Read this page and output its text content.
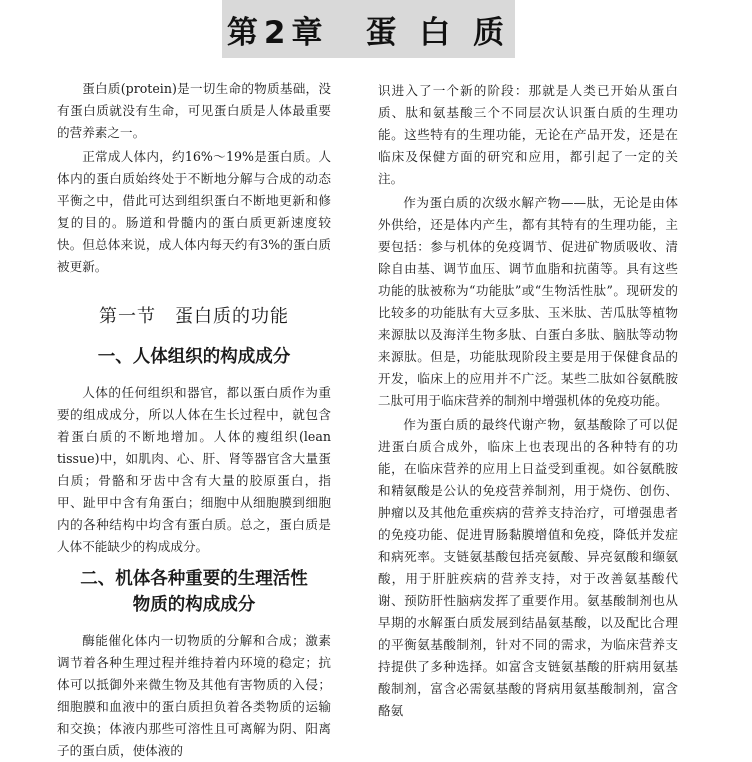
第2章　蛋 白 质

蛋白质(protein)是一切生命的物质基础，没有蛋白质就没有生命，可见蛋白质是人体最重要的营养素之一。

正常成人体内，约16%～19%是蛋白质。人体内的蛋白质始终处于不断地分解与合成的动态平衡之中，借此可达到组织蛋白不断地更新和修复的目的。肠道和骨髓内的蛋白质更新速度较快。但总体来说，成人体内每天约有3%的蛋白质被更新。

第一节　蛋白质的功能
一、人体组织的构成成分

人体的任何组织和器官，都以蛋白质作为重要的组成成分，所以人体在生长过程中，就包含着蛋白质的不断地增加。人体的瘦组织(lean tissue)中，如肌肉、心、肝、肾等器官含大量蛋白质；骨骼和牙齿中含有大量的胶原蛋白，指甲、趾甲中含有角蛋白；细胞中从细胞膜到细胞内的各种结构中均含有蛋白质。总之，蛋白质是人体不能缺少的构成成分。

二、机体各种重要的生理活性
物质的构成成分

酶能催化体内一切物质的分解和合成；激素调节着各种生理过程并维持着内环境的稳定；抗体可以抵御外来微生物及其他有害物质的入侵；细胞膜和血液中的蛋白质担负着各类物质的运输和交换；体液内那些可溶性且可离解为阴、阳离子的蛋白质，使体液的

识进入了一个新的阶段：那就是人类已开始从蛋白质、肽和氨基酸三个不同层次认识蛋白质的生理功能。这些特有的生理功能，无论在产品开发，还是在临床及保健方面的研究和应用，都引起了一定的关注。

作为蛋白质的次级水解产物——肽，无论是由体外供给，还是体内产生，都有其特有的生理功能，主要包括：参与机体的免疫调节、促进矿物质吸收、清除自由基、调节血压、调节血脂和抗菌等。具有这些功能的肽被称为“功能肽”或“生物活性肽”。现研发的比较多的功能肽有大豆多肽、玉米肽、苦瓜肽等植物来源肽以及海洋生物多肽、白蛋白多肽、脑肽等动物来源肽。但是，功能肽现阶段主要是用于保健食品的开发，临床上的应用并不广泛。某些二肽如谷氨酰胺二肽可用于临床营养的制剂中增强机体的免疫功能。

作为蛋白质的最终代谢产物，氨基酸除了可以促进蛋白质合成外，临床上也表现出的各种特有的功能，在临床营养的应用上日益受到重视。如谷氨酰胺和精氨酸是公认的免疫营养制剂，用于烧伤、创伤、肿瘤以及其他危重疾病的营养支持治疗，可增强患者的免疫功能、促进胃肠黏膜增值和免疫，降低并发症和病死率。支链氨基酸包括亮氨酸、异亮氨酸和缬氨酸，用于肝脏疾病的营养支持，对于改善氨基酸代谢、预防肝性脑病发挥了重要作用。氨基酸制剂也从早期的水解蛋白质发展到结晶氨基酸，以及配比合理的平衡氨基酸制剂，针对不同的需求，为临床营养支持提供了多种选择。如富含支链氨基酸的肝病用氨基酸制剂，富含必需氨基酸的肾病用氨基酸制剂，富含酪氨
